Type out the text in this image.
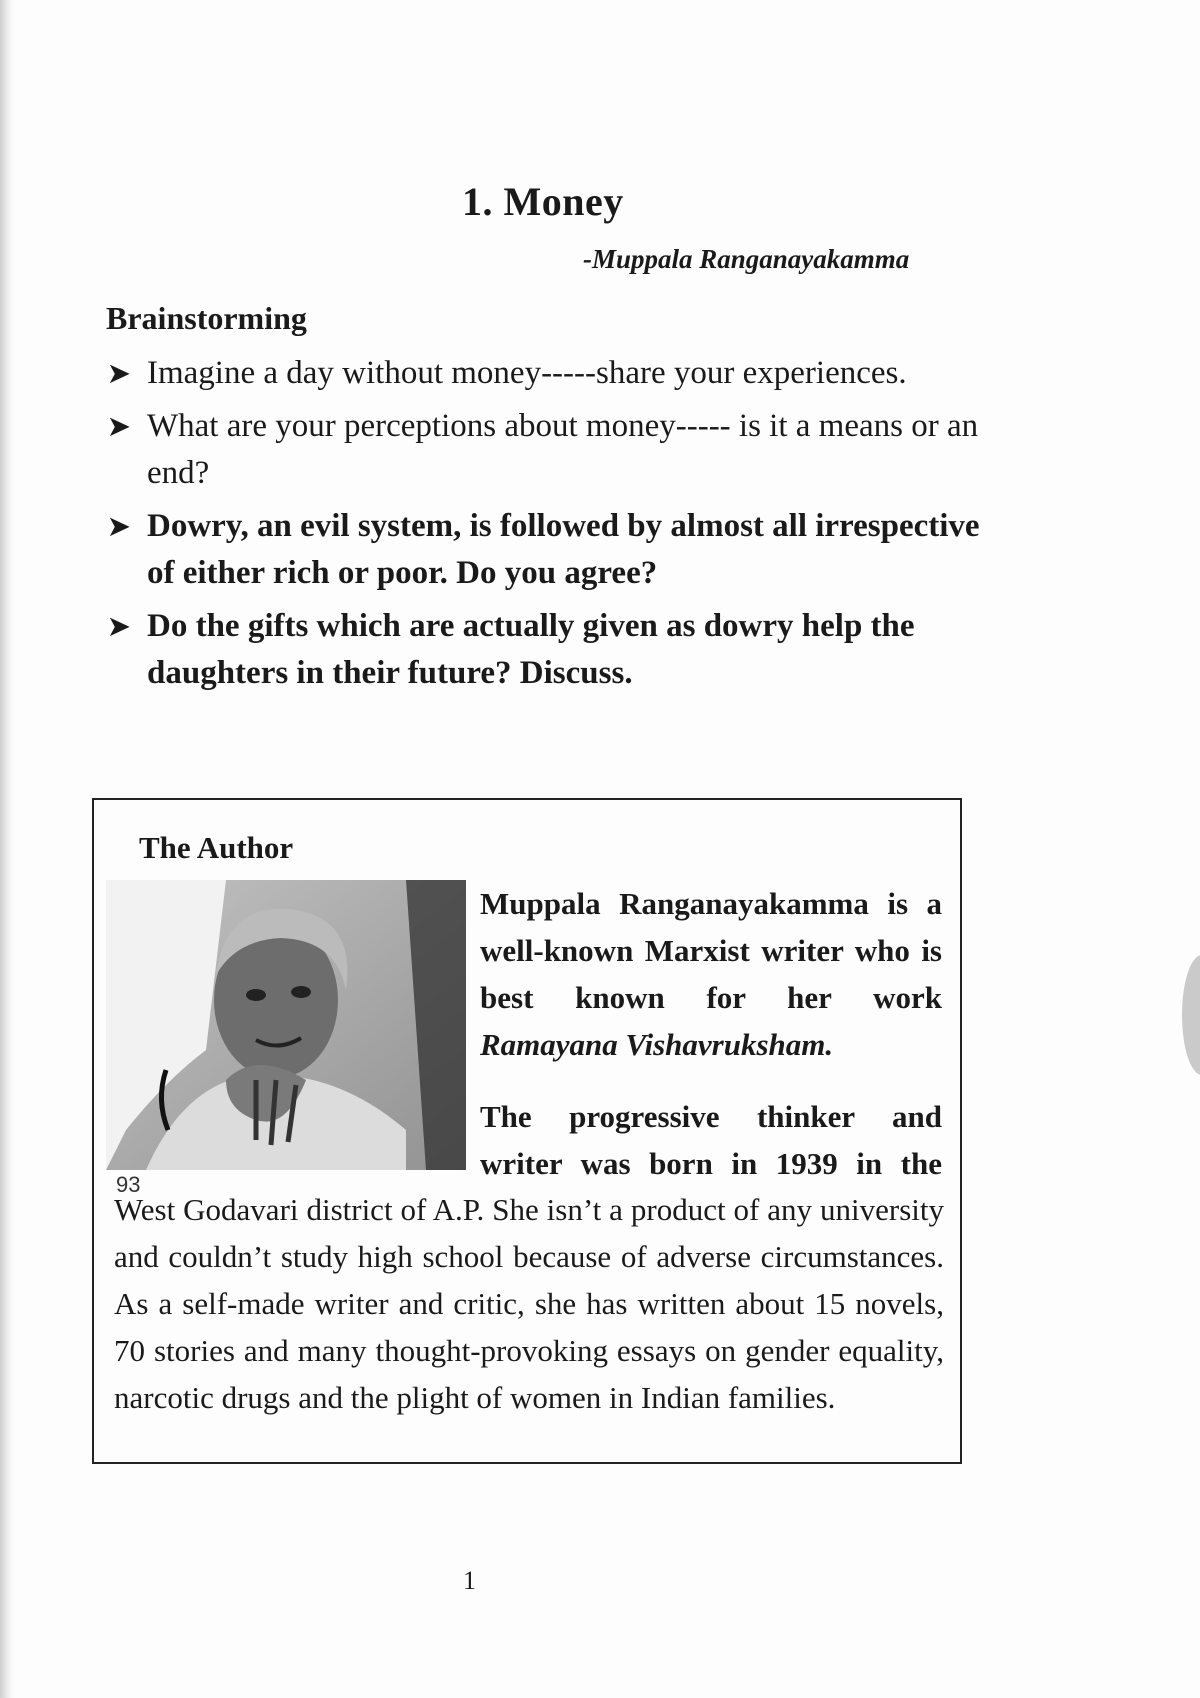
1. Money
-Muppala Ranganayakamma
Brainstorming
➤ Imagine a day without money-----share your experiences.
➤ What are your perceptions about money----- is it a means or an end?
➤ Dowry, an evil system, is followed by almost all irrespective of either rich or poor. Do you agree?
➤ Do the gifts which are actually given as dowry help the daughters in their future? Discuss.
The Author

Muppala Ranganayakamma is a well-known Marxist writer who is best known for her work Ramayana Vishavruksham.

The progressive thinker and writer was born in 1939 in the

93

West Godavari district of A.P. She isn’t a product of any university and couldn’t study high school because of adverse circumstances. As a self-made writer and critic, she has written about 15 novels, 70 stories and many thought-provoking essays on gender equality, narcotic drugs and the plight of women in Indian families.

1
